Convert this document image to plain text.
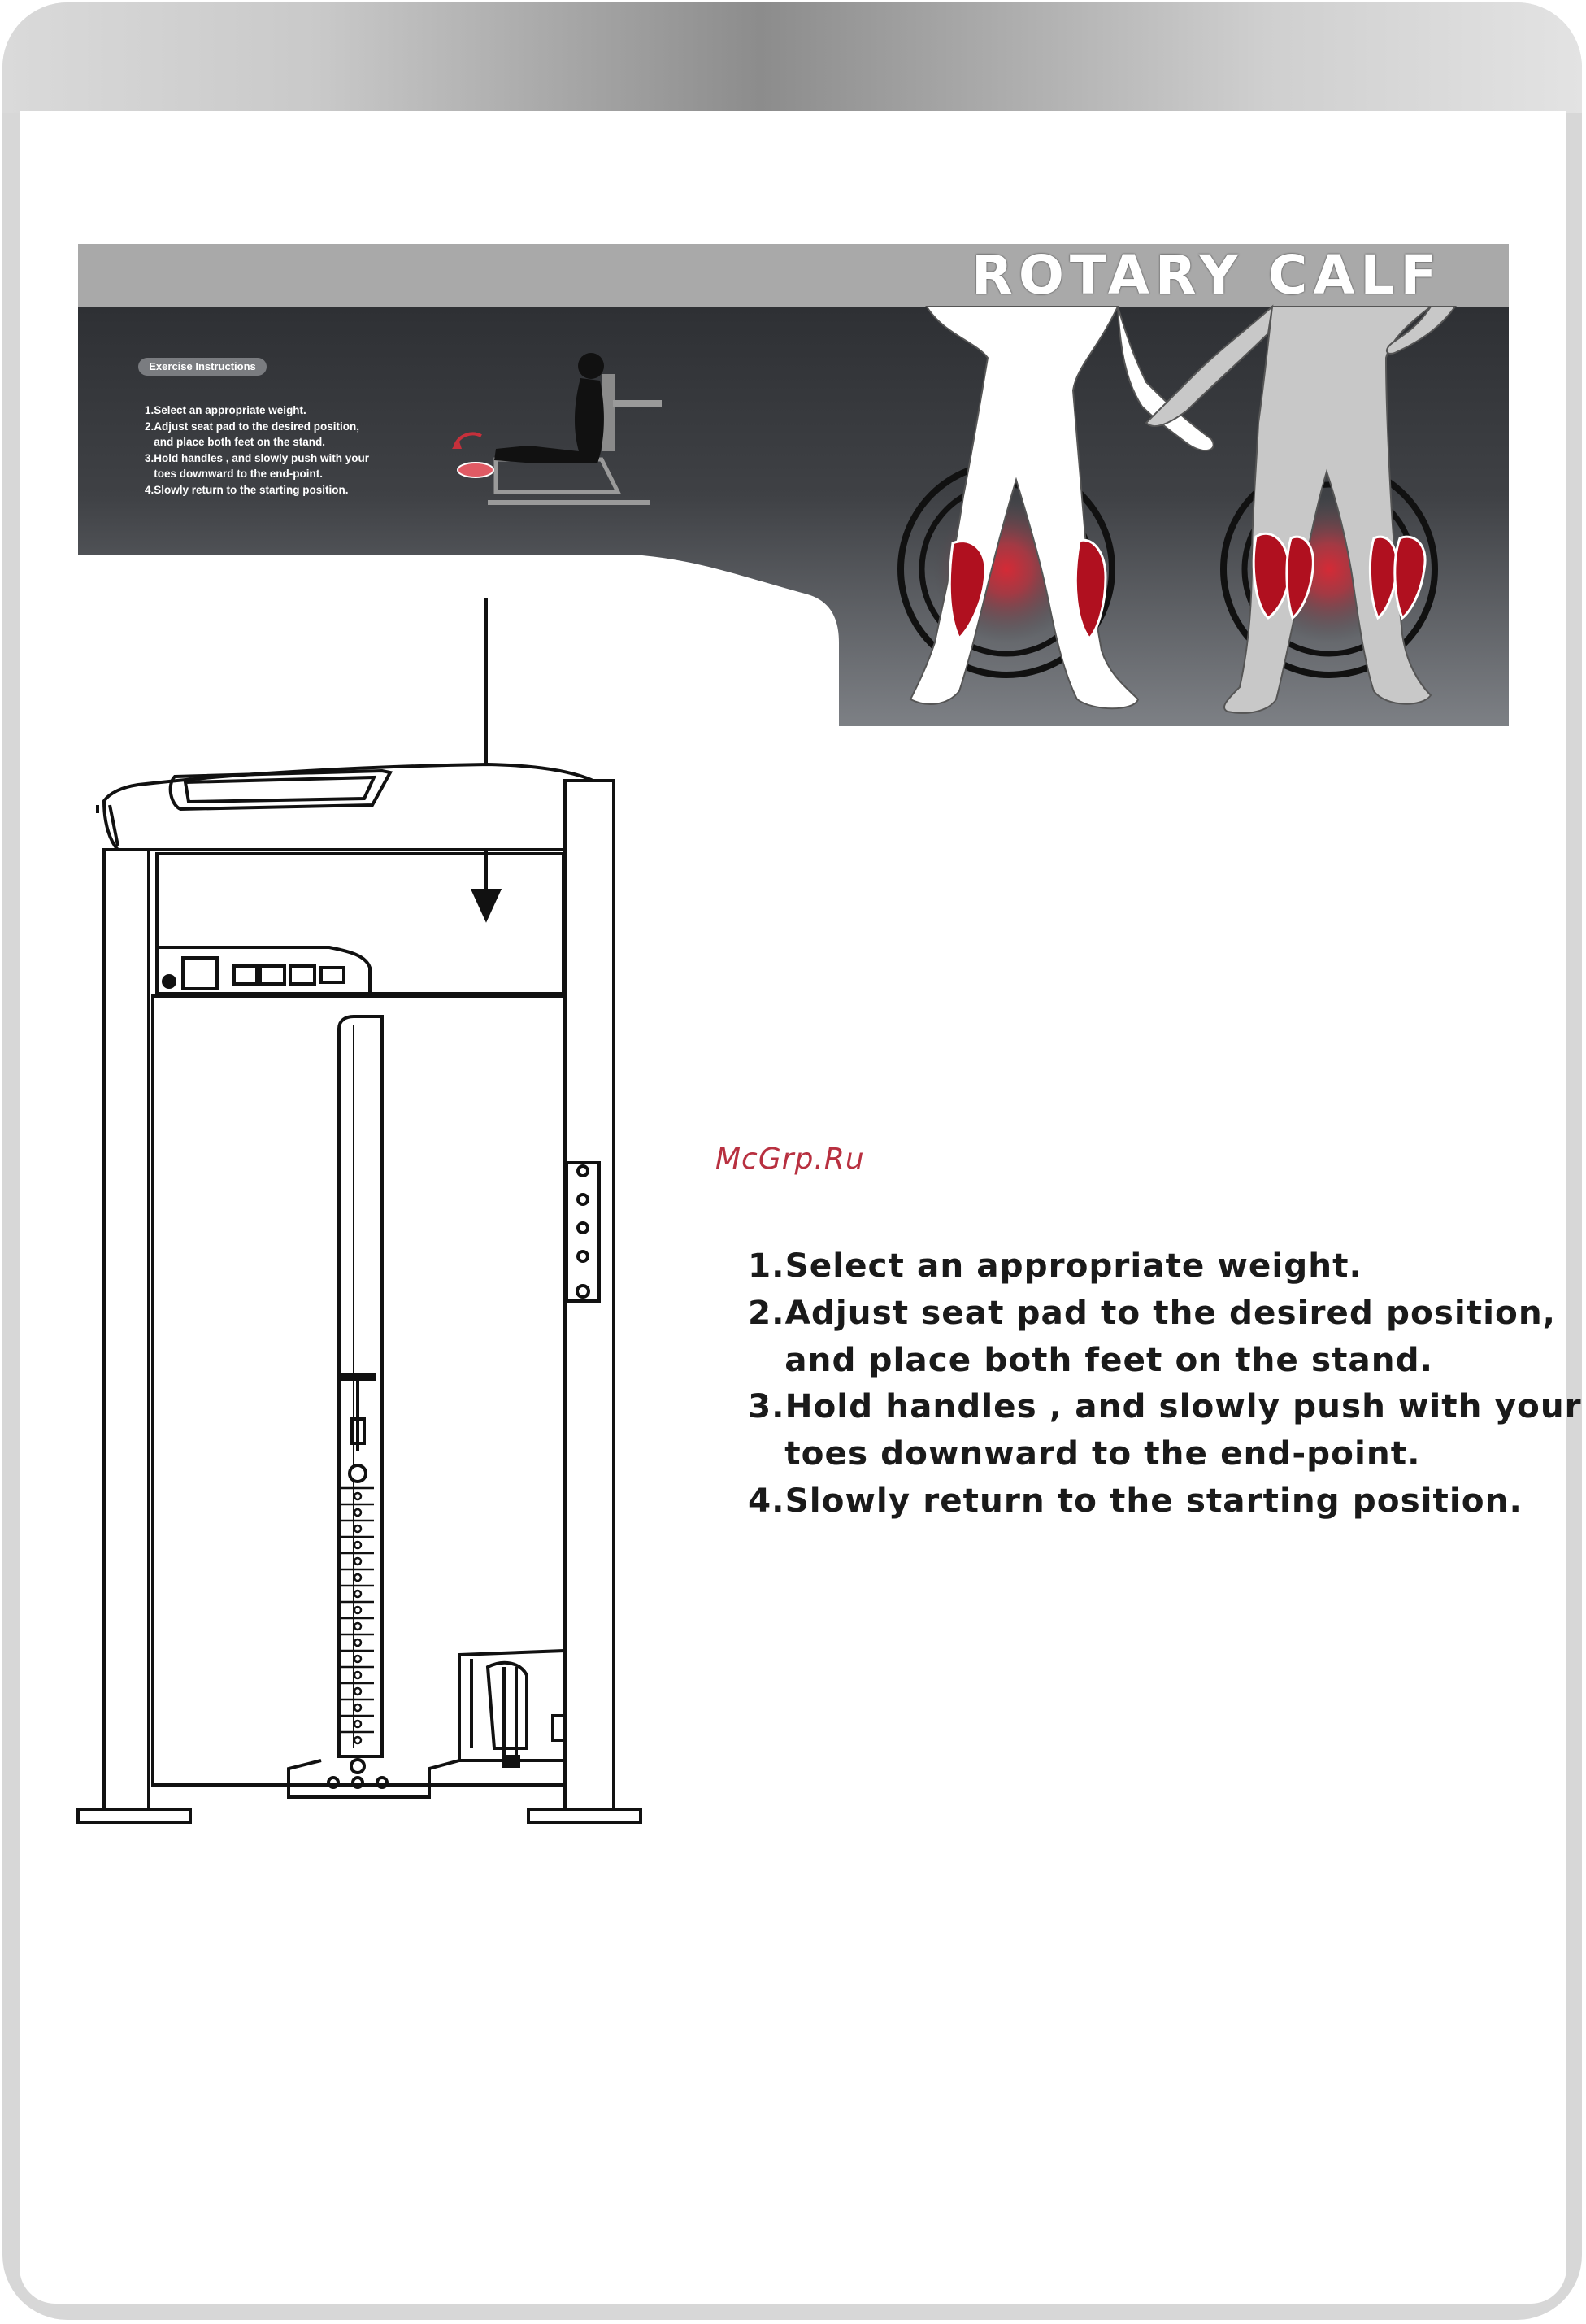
ROTARY CALF
Exercise Instructions
1.Select an appropriate weight.
2.Adjust seat pad to the desired position,
and place both feet on the stand.
3.Hold handles , and slowly push with your
toes downward to the end-point.
4.Slowly return to the starting position.
McGrp.Ru
1.Select an appropriate weight.
2.Adjust seat pad to the desired position,
and place both feet on the stand.
3.Hold handles , and slowly push with your
toes downward to the end-point.
4.Slowly return to the starting position.
